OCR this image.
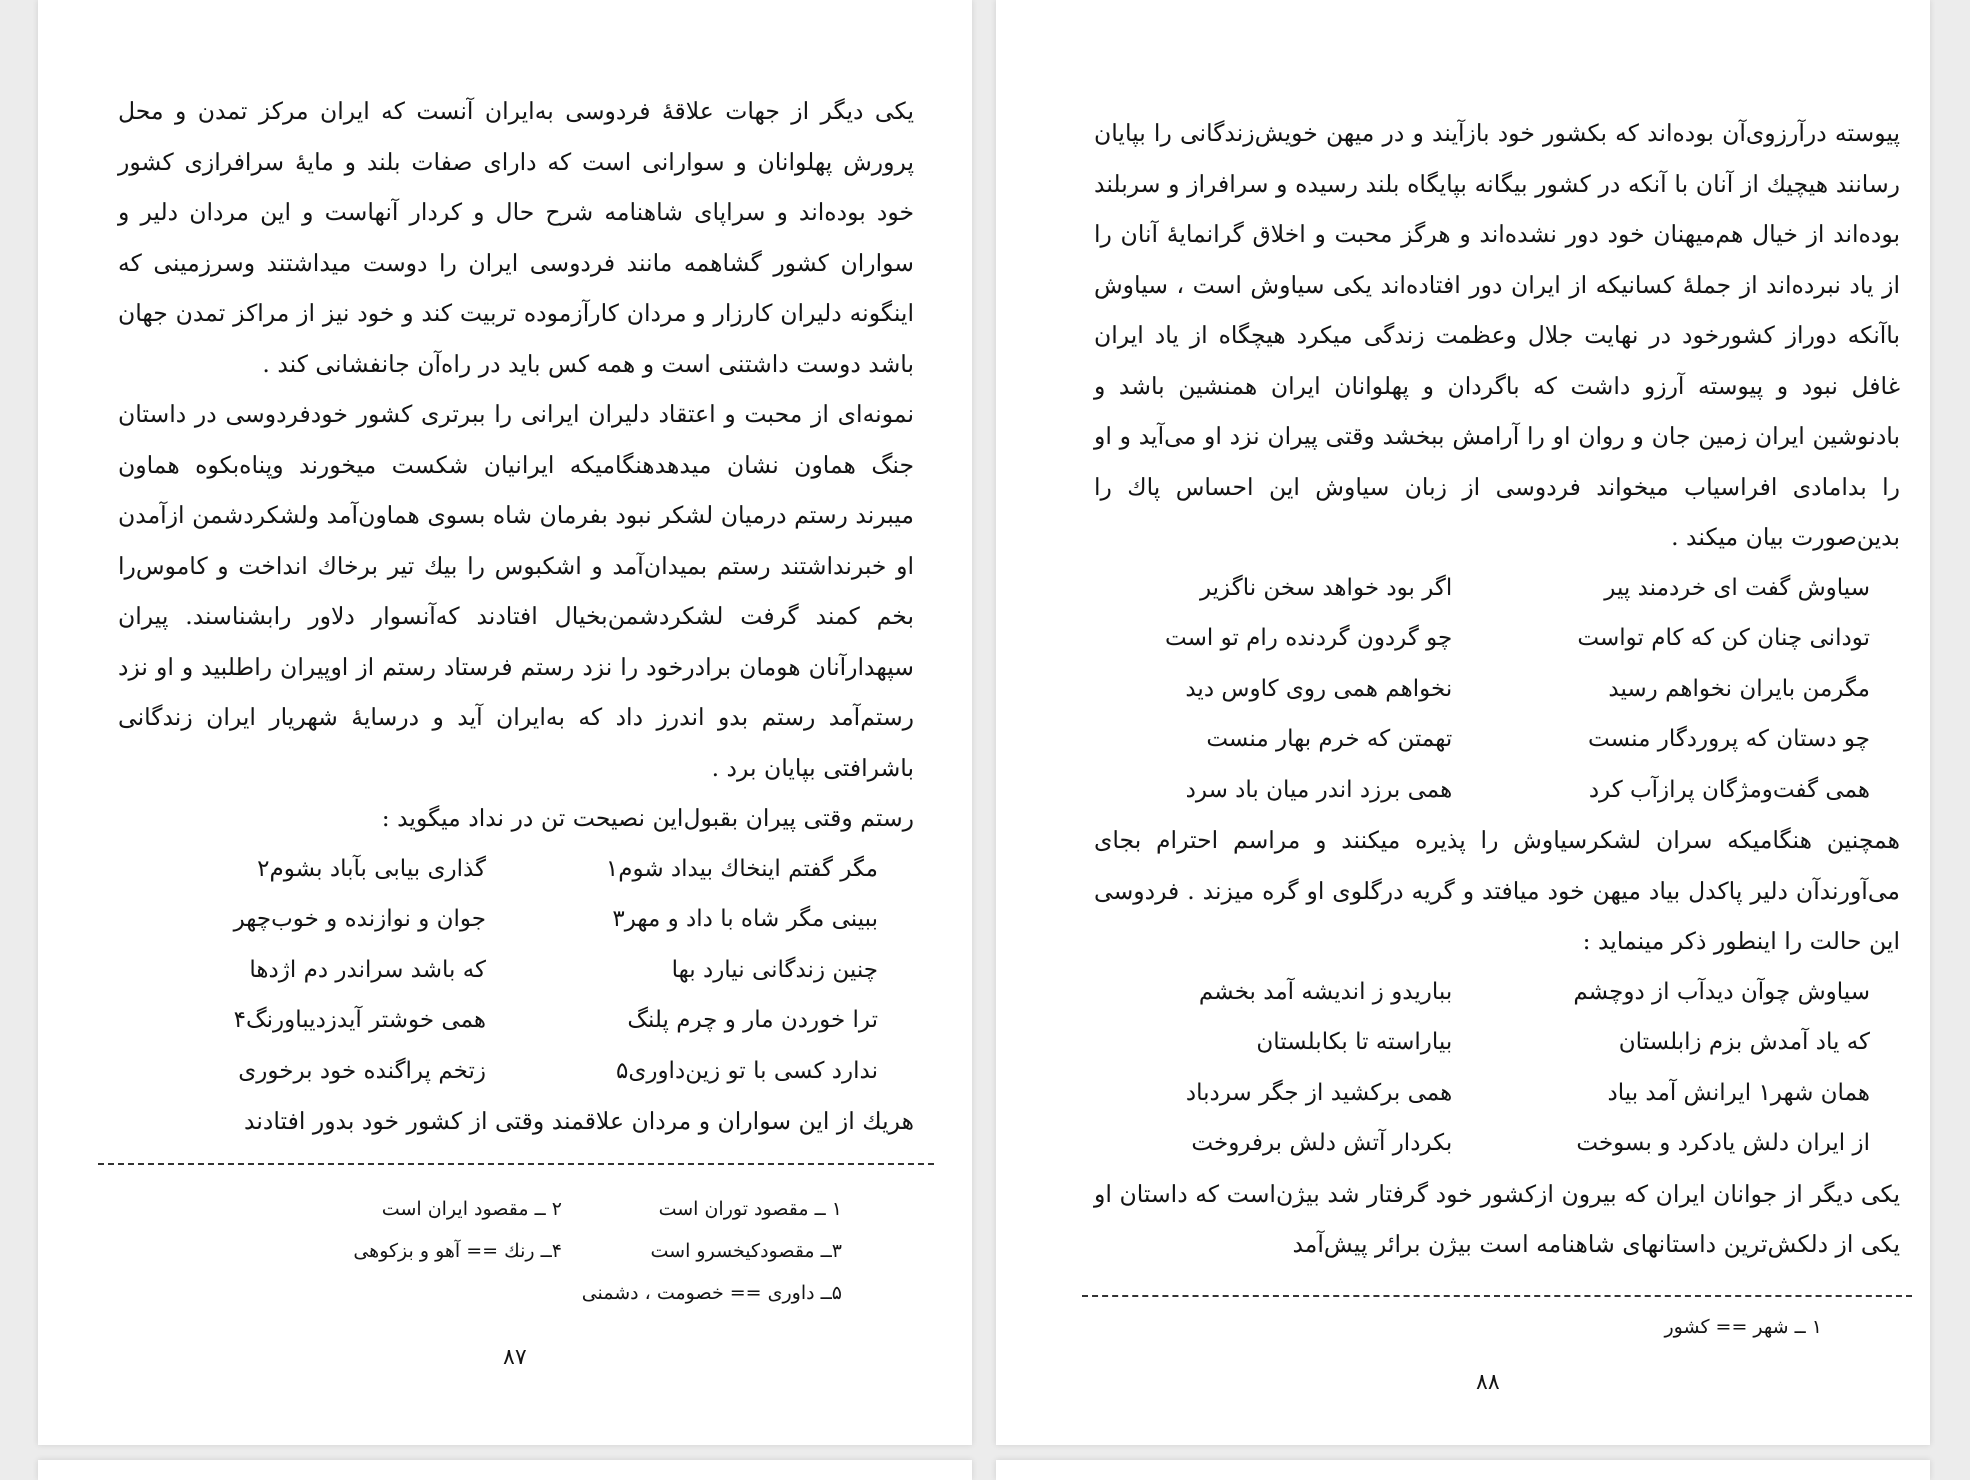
یکی دیگر از جهات علاقهٔ فردوسی به‌ایران آنست که ایران مرکز تمدن و محل پرورش پهلوانان و سوارانی است که دارای صفات بلند و مایهٔ سرافرازی کشور خود بوده‌اند و سراپای شاهنامه شرح حال و کردار آنهاست و این مردان دلیر و سواران کشور گشاهمه مانند فردوسی ایران را دوست میداشتند وسرزمینی که اینگونه دلیران کارزار و مردان کارآزموده تربیت کند و خود نیز از مراکز تمدن جهان باشد دوست داشتنی است و همه کس باید در راه‌آن جانفشانی کند .

نمونه‌ای از محبت و اعتقاد دلیران ایرانی را ببرتری کشور خودفردوسی در داستان جنگ هماون نشان میدهدهنگامیکه ایرانیان شکست میخورند وپناه‌بکوه هماون میبرند رستم درمیان لشکر نبود بفرمان شاه بسوی هماون‌آمد ولشکردشمن ازآمدن او خبرنداشتند رستم بمیدان‌آمد و اشکبوس را بیك تیر برخاك انداخت و کاموس‌را بخم کمند گرفت لشکردشمن‌بخیال افتادند که‌آنسوار دلاور رابشناسند. پیران سپهدارآنان هومان برادرخود را نزد رستم فرستاد رستم از اوپیران راطلبید و او نزد رستم‌آمد رستم بدو اندرز داد که به‌ایران آید و درسایهٔ شهریار ایران زندگانی باشرافتی بپایان برد .

رستم وقتی پیران بقبول‌این نصیحت تن در نداد میگوید :

مگر گفتم اینخاك بیداد شوم۱
گذاری بیابی بآباد بشوم۲
ببینی مگر شاه با داد و مهر۳
جوان و نوازنده و خوب‌چهر
چنین زندگانی نیارد بها
که باشد سراندر دم اژدها
ترا خوردن مار و چرم پلنگ
همی خوشتر آیدزدیباورنگ۴
ندارد کسی با تو زین‌داوری۵
زتخم پراگنده خود برخوری

هریك از این سواران و مردان علاقمند وقتی از کشور خود بدور افتادند

۱ ــ مقصود توران است
۲ ــ مقصود ایران است
۳ــ مقصودکیخسرو است
۴ــ رنك == آهو و بزکوهی
۵ــ داوری == خصومت ، دشمنی
۸۷

پیوسته درآرزوی‌آن بوده‌اند که بکشور خود بازآیند و در میهن خویش‌زندگانی را بپایان رسانند هیچیك از آنان با آنکه در کشور بیگانه بپایگاه بلند رسیده و سرافراز و سربلند بوده‌اند از خیال هم‌میهنان خود دور نشده‌اند و هرگز محبت و اخلاق گرانمایهٔ آنان را از یاد نبرده‌اند از جملهٔ کسانیکه از ایران دور افتاده‌اند یکی سیاوش است ، سیاوش باآنکه دوراز کشورخود در نهایت جلال وعظمت زندگی میکرد هیچگاه از یاد ایران غافل نبود و پیوسته آرزو داشت که باگردان و پهلوانان ایران همنشین باشد و بادنوشین ایران زمین جان و روان او را آرامش ببخشد وقتی پیران نزد او می‌آید و او را بدامادی افراسیاب میخواند فردوسی از زبان سیاوش این احساس پاك را بدین‌صورت بیان میکند .

سیاوش گفت ای خردمند پیر
اگر بود خواهد سخن ناگزیر
تودانی چنان کن که کام تواست
چو گردون گردنده رام تو است
مگرمن بایران نخواهم رسید
نخواهم همی روی کاوس دید
چو دستان که پروردگار منست
تهمتن که خرم بهار منست
همی گفت‌ومژگان پرازآب کرد
همی برزد اندر میان باد سرد

همچنین هنگامیکه سران لشکرسیاوش را پذیره میکنند و مراسم احترام بجای می‌آورندآن دلیر پاکدل بیاد میهن خود میافتد و گریه درگلوی او گره میزند . فردوسی این حالت را اینطور ذکر مینماید :

سیاوش چوآن دیدآب از دوچشم
بباریدو ز اندیشه آمد بخشم
که یاد آمدش بزم زابلستان
بیاراسته تا بکابلستان
همان شهر۱ ایرانش آمد بیاد
همی برکشید از جگر سردباد
از ایران دلش یادکرد و بسوخت
بکردار آتش دلش برفروخت

یکی دیگر از جوانان ایران که بیرون ازکشور خود گرفتار شد بیژن‌است که داستان او یکی از دلکش‌ترین داستانهای شاهنامه است بیژن برائر پیش‌آمد

۱ ــ شهر == کشور
۸۸
